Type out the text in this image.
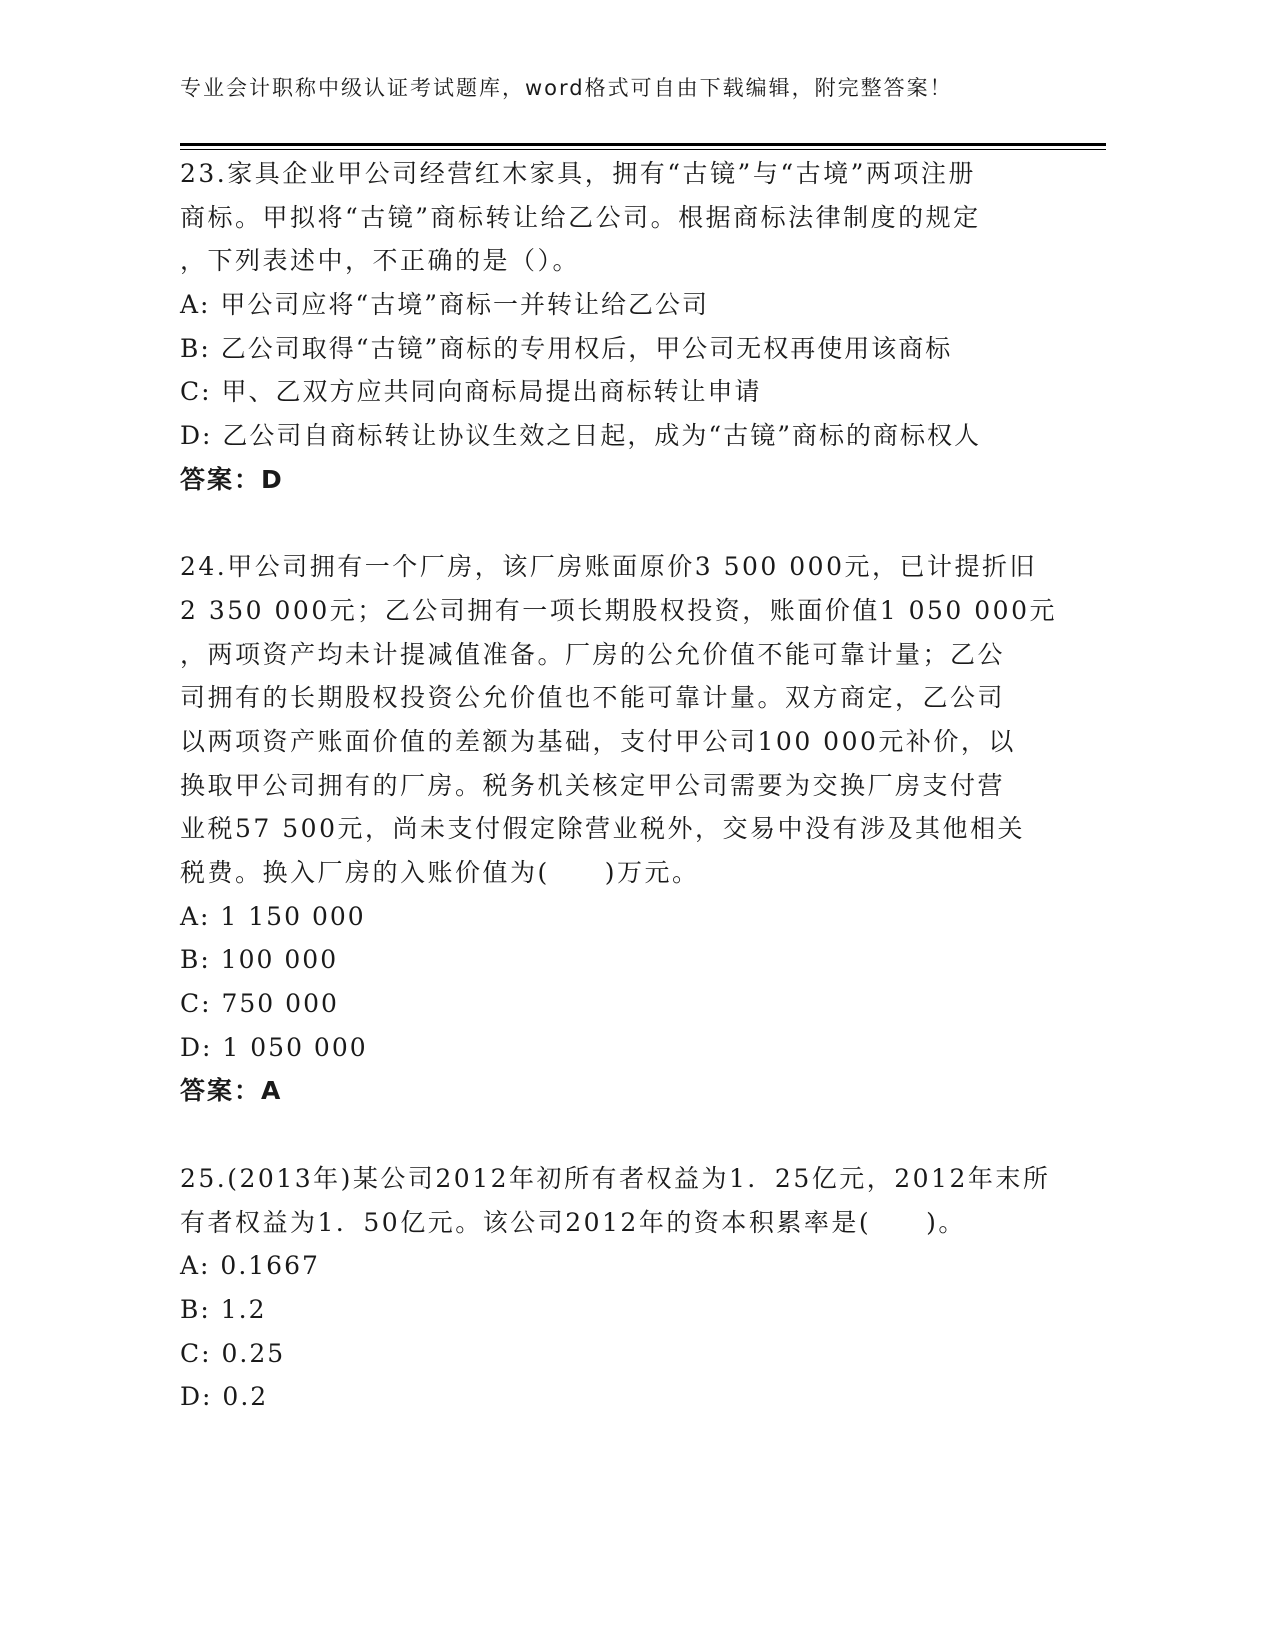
专业会计职称中级认证考试题库，word格式可自由下载编辑，附完整答案！
23.家具企业甲公司经营红木家具，拥有“古镜”与“古境”两项注册
商标。甲拟将“古镜”商标转让给乙公司。根据商标法律制度的规定
，下列表述中，不正确的是（）。
A: 甲公司应将“古境”商标一并转让给乙公司
B: 乙公司取得“古镜”商标的专用权后，甲公司无权再使用该商标
C: 甲、乙双方应共同向商标局提出商标转让申请
D: 乙公司自商标转让协议生效之日起，成为“古镜”商标的商标权人
答案：D
24.甲公司拥有一个厂房，该厂房账面原价3 500 000元，已计提折旧
2 350 000元；乙公司拥有一项长期股权投资，账面价值1 050 000元
，两项资产均未计提减值准备。厂房的公允价值不能可靠计量；乙公
司拥有的长期股权投资公允价值也不能可靠计量。双方商定，乙公司
以两项资产账面价值的差额为基础，支付甲公司100 000元补价，以
换取甲公司拥有的厂房。税务机关核定甲公司需要为交换厂房支付营
业税57 500元，尚未支付假定除营业税外，交易中没有涉及其他相关
税费。换入厂房的入账价值为(　　)万元。
A: 1 150 000
B: 100 000
C: 750 000
D: 1 050 000
答案：A
25.(2013年)某公司2012年初所有者权益为1．25亿元，2012年末所
有者权益为1．50亿元。该公司2012年的资本积累率是(　　)。
A: 0.1667
B: 1.2
C: 0.25
D: 0.2
